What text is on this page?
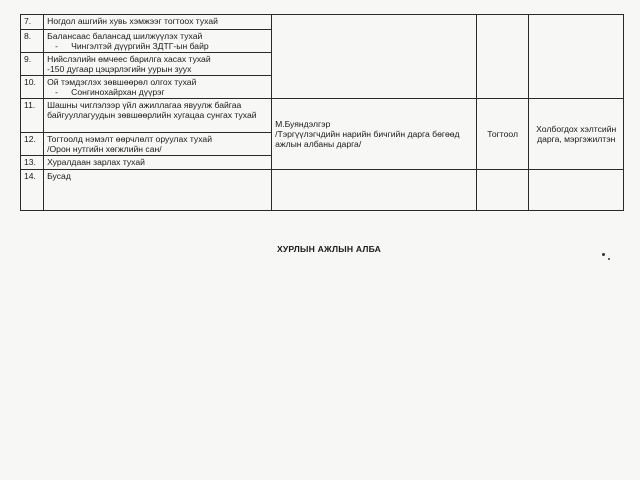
7.	Ногдол ашгийн хувь хэмжээг тогтоох тухай			
8.	Балансаас балансад шилжүүлэх тухай
- Чингэлтэй дүүргийн ЗДТГ-ын байр			

9.	Нийслэлийн өмчеес барилга хасах тухай
-150 дугаар цэцэрлэгийн уурын зуух			
10.	Ой тэмдэглэх зөвшөөрөл олгох тухай
- Сонгинохайрхан дүүрэг			

11.	Шашны чиглэлээр үйл ажиллагаа явуулж байгаа байгууллагуудын зөвшөөрлийн хугацаа сунгах тухай	М.Буяндэлгэр
/Тэргүүлэгчдийн нарийн бичгийн дарга бөгөөд ажлын албаны дарга/	Тогтоол	Холбогдох хэлтсийн дарга, мэргэжилтэн
12.	Тогтоолд нэмэлт өөрчлөлт оруулах тухай
/Орон нутгийн хөгжлийн сан/			
13.	Хуралдаан зарлах тухай			
14.	Бусад			
ХУРЛЫН АЖЛЫН АЛБА
